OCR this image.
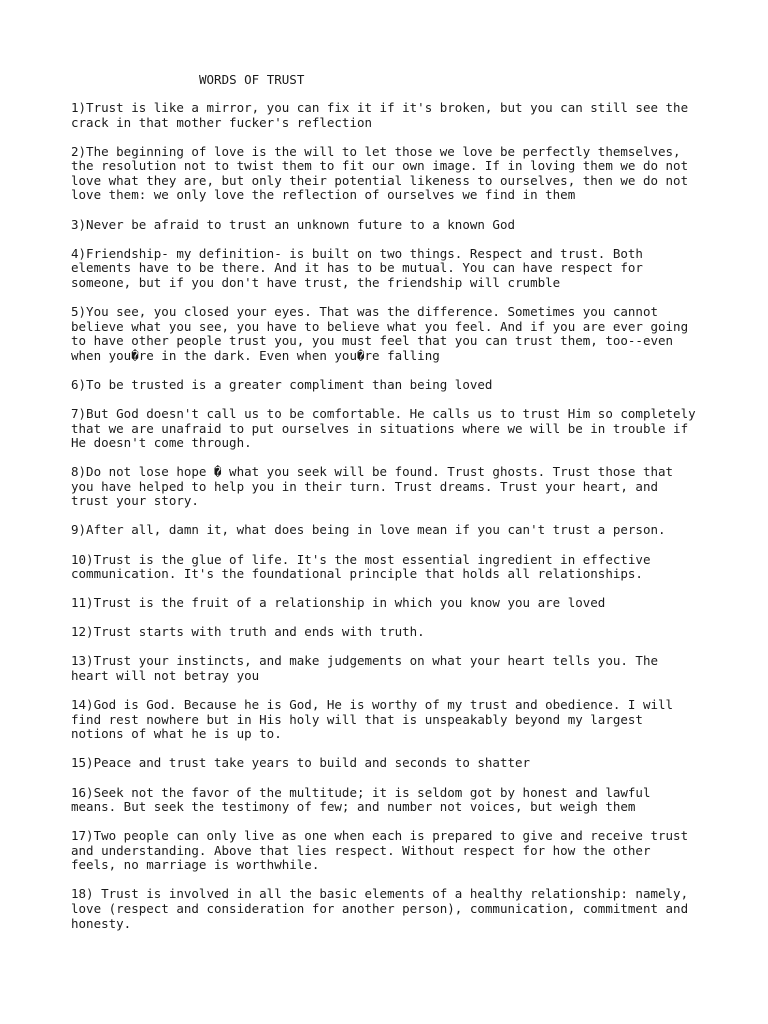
WORDS OF TRUST

1)Trust is like a mirror, you can fix it if it's broken, but you can still see the
crack in that mother fucker's reflection

2)The beginning of love is the will to let those we love be perfectly themselves,
the resolution not to twist them to fit our own image. If in loving them we do not
love what they are, but only their potential likeness to ourselves, then we do not
love them: we only love the reflection of ourselves we find in them

3)Never be afraid to trust an unknown future to a known God

4)Friendship- my definition- is built on two things. Respect and trust. Both
elements have to be there. And it has to be mutual. You can have respect for
someone, but if you don't have trust, the friendship will crumble

5)You see, you closed your eyes. That was the difference. Sometimes you cannot
believe what you see, you have to believe what you feel. And if you are ever going
to have other people trust you, you must feel that you can trust them, too--even
when you�re in the dark. Even when you�re falling

6)To be trusted is a greater compliment than being loved

7)But God doesn't call us to be comfortable. He calls us to trust Him so completely
that we are unafraid to put ourselves in situations where we will be in trouble if
He doesn't come through.

8)Do not lose hope � what you seek will be found. Trust ghosts. Trust those that
you have helped to help you in their turn. Trust dreams. Trust your heart, and
trust your story.

9)After all, damn it, what does being in love mean if you can't trust a person.

10)Trust is the glue of life. It's the most essential ingredient in effective
communication. It's the foundational principle that holds all relationships.

11)Trust is the fruit of a relationship in which you know you are loved

12)Trust starts with truth and ends with truth.

13)Trust your instincts, and make judgements on what your heart tells you. The
heart will not betray you

14)God is God. Because he is God, He is worthy of my trust and obedience. I will
find rest nowhere but in His holy will that is unspeakably beyond my largest
notions of what he is up to.

15)Peace and trust take years to build and seconds to shatter

16)Seek not the favor of the multitude; it is seldom got by honest and lawful
means. But seek the testimony of few; and number not voices, but weigh them

17)Two people can only live as one when each is prepared to give and receive trust
and understanding. Above that lies respect. Without respect for how the other
feels, no marriage is worthwhile.

18) Trust is involved in all the basic elements of a healthy relationship: namely,
love (respect and consideration for another person), communication, commitment and
honesty.
